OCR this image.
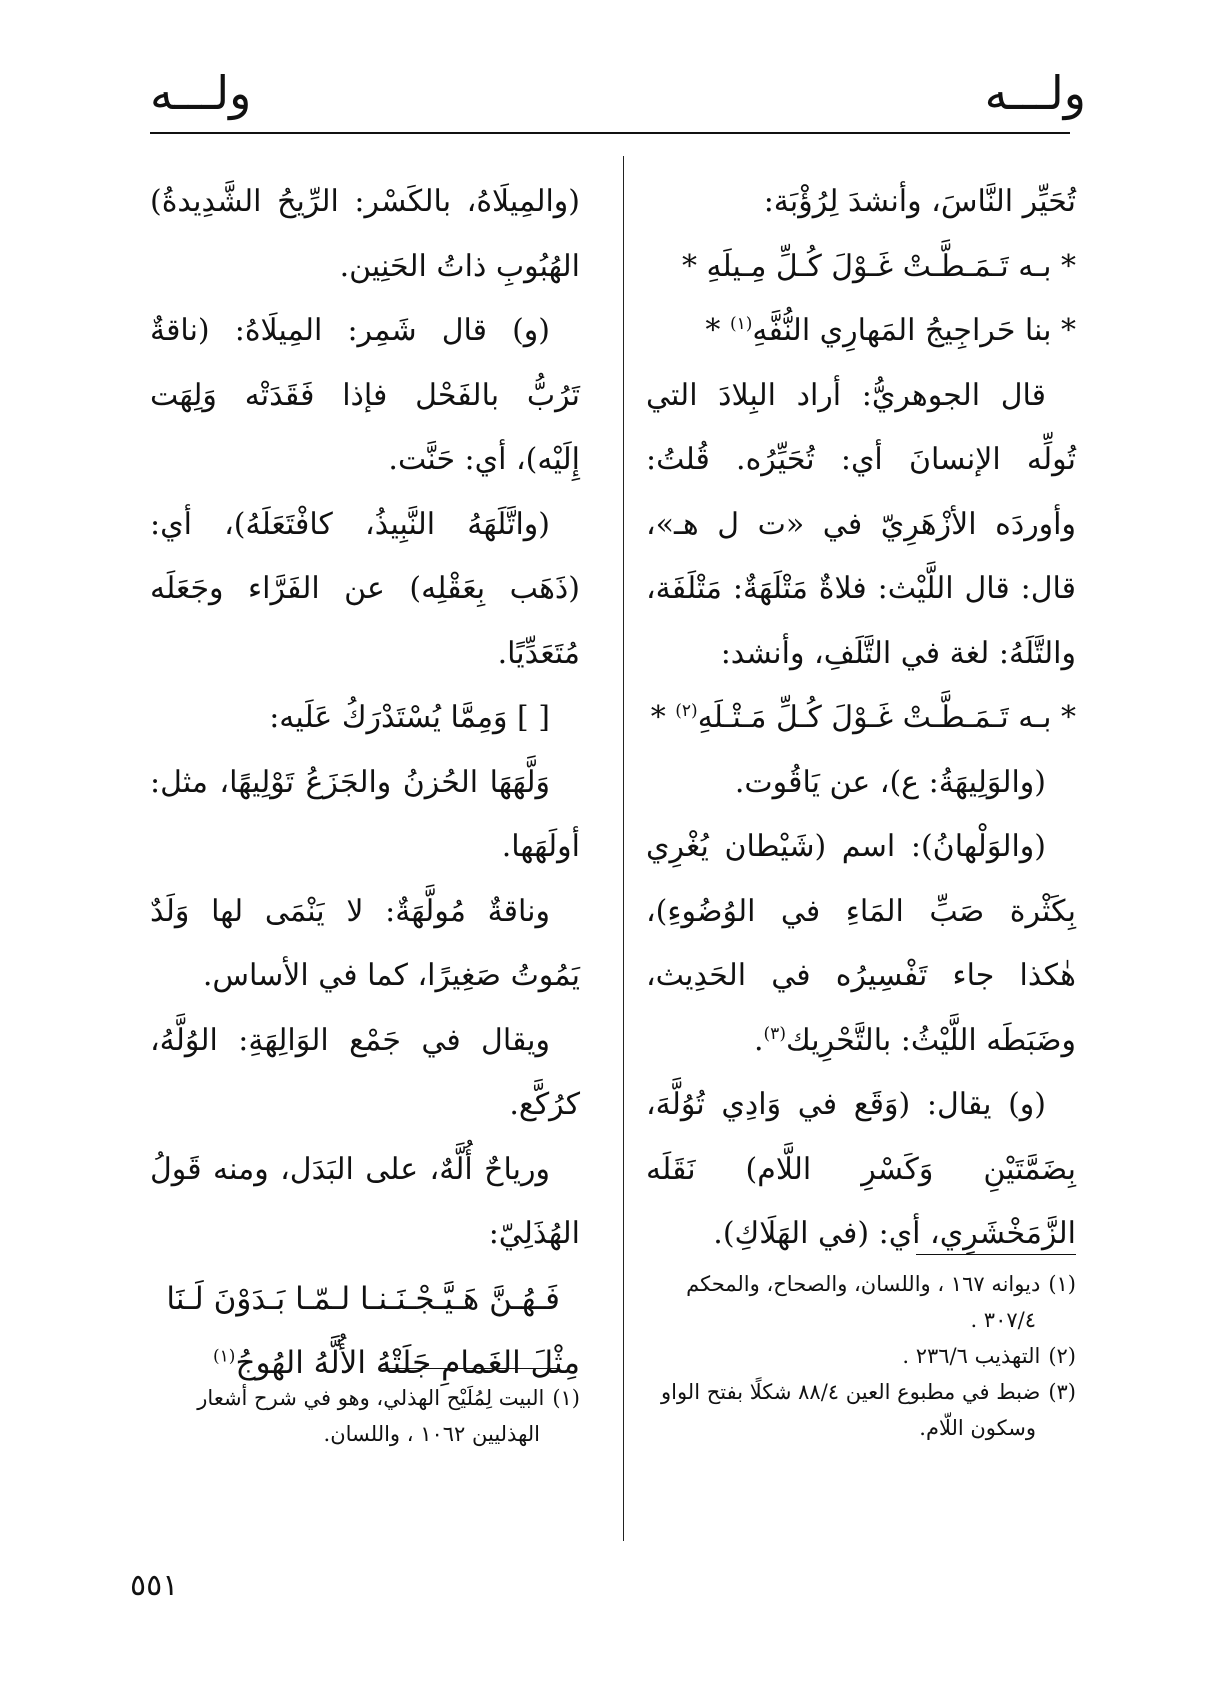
ولـــه
ولـــه

تُحَيِّر النَّاسَ، وأنشدَ لِرُؤْبَة:

* بـه تَـمَـطَّـتْ غَـوْلَ كُـلِّ مِـيلَهِ *

* بنا حَراجِيجُ المَهارِي النُّفَّهِ$^{(١)}$ *

قال الجوهريُّ: أراد البِلادَ التي تُولِّه الإنسانَ أي: تُحَيِّرُه. قُلتُ: وأوردَه الأزْهَرِيّ في «ت ل هـ»، قال: قال اللَّيْث: فلاةٌ مَتْلَهَةٌ: مَتْلَفَة، والتَّلَهُ: لغة في التَّلَفِ، وأنشد:

* بـه تَـمَـطَّـتْ غَـوْلَ كُـلِّ مَـتْـلَهِ$^{(٢)}$ *

(والوَلِيهَةُ: ع)، عن يَاقُوت.

(والوَلْهانُ): اسم (شَيْطان يُغْرِي بِكَثْرة صَبِّ المَاءِ في الوُضُوءِ)، هٰكذا جاء تَفْسِيرُه في الحَدِيث، وضَبَطَه اللَّيْثُ: بالتَّحْرِيك$^{(٣)}$.

(و) يقال: (وَقَع في وَادِي تُوُلَّهَ، بِضَمَّتَيْنِ وَكَسْرِ اللَّام) نَقَلَه الزَّمَخْشَرِي، أي: (في الهَلَاكِ).

(١)ديوانه ١٦٧ ، واللسان، والصحاح، والمحكم

٣٠٧/٤ .

(٢)التهذيب ٢٣٦/٦ .

(٣)ضبط في مطبوع العين ٨٨/٤ شكلًا بفتح الواو

وسكون اللّام.

(والمِيلَاهُ، بالكَسْر: الرِّيحُ الشَّدِيدةُ) الهُبُوبِ ذاتُ الحَنِين.

(و) قال شَمِر: المِيلَاهُ: (ناقةٌ تَرُبُّ بالفَحْل فإذا فَقَدَتْه وَلِهَت إِلَيْه)، أي: حَنَّت.

(واتَّلَهَهُ النَّبِيذُ، كافْتَعَلَهُ)، أي: (ذَهَب بِعَقْلِه) عن الفَرَّاء وجَعَلَه مُتَعَدِّيًا.

[ ] وَمِمَّا يُسْتَدْرَكُ عَلَيه:

وَلَّهَهَا الحُزنُ والجَزَعُ تَوْلِيهًا، مثل: أولَهَها.

وناقةٌ مُولَّهَةٌ: لا يَنْمَى لها وَلَدٌ يَمُوتُ صَغِيرًا، كما في الأساس.

ويقال في جَمْع الوَالِهَةِ: الوُلَّهُ، كرُكَّع.

ورياحٌ أُلَّهٌ، على البَدَل، ومنه قَولُ الهُذَلِيّ:

فَـهُـنَّ هَـيَّـجْـنَـنـا لـمّـا بَـدَوْنَ لَـنَا

مِثْلَ الغَمامِ جَلَتْهُ الأُلَّهُ الهُوجُ$^{(١)}$

(١)البيت لِمُلَيْح الهذلي، وهو في شرح أشعار

الهذليين ١٠٦٢ ، واللسان.

٥٥١
